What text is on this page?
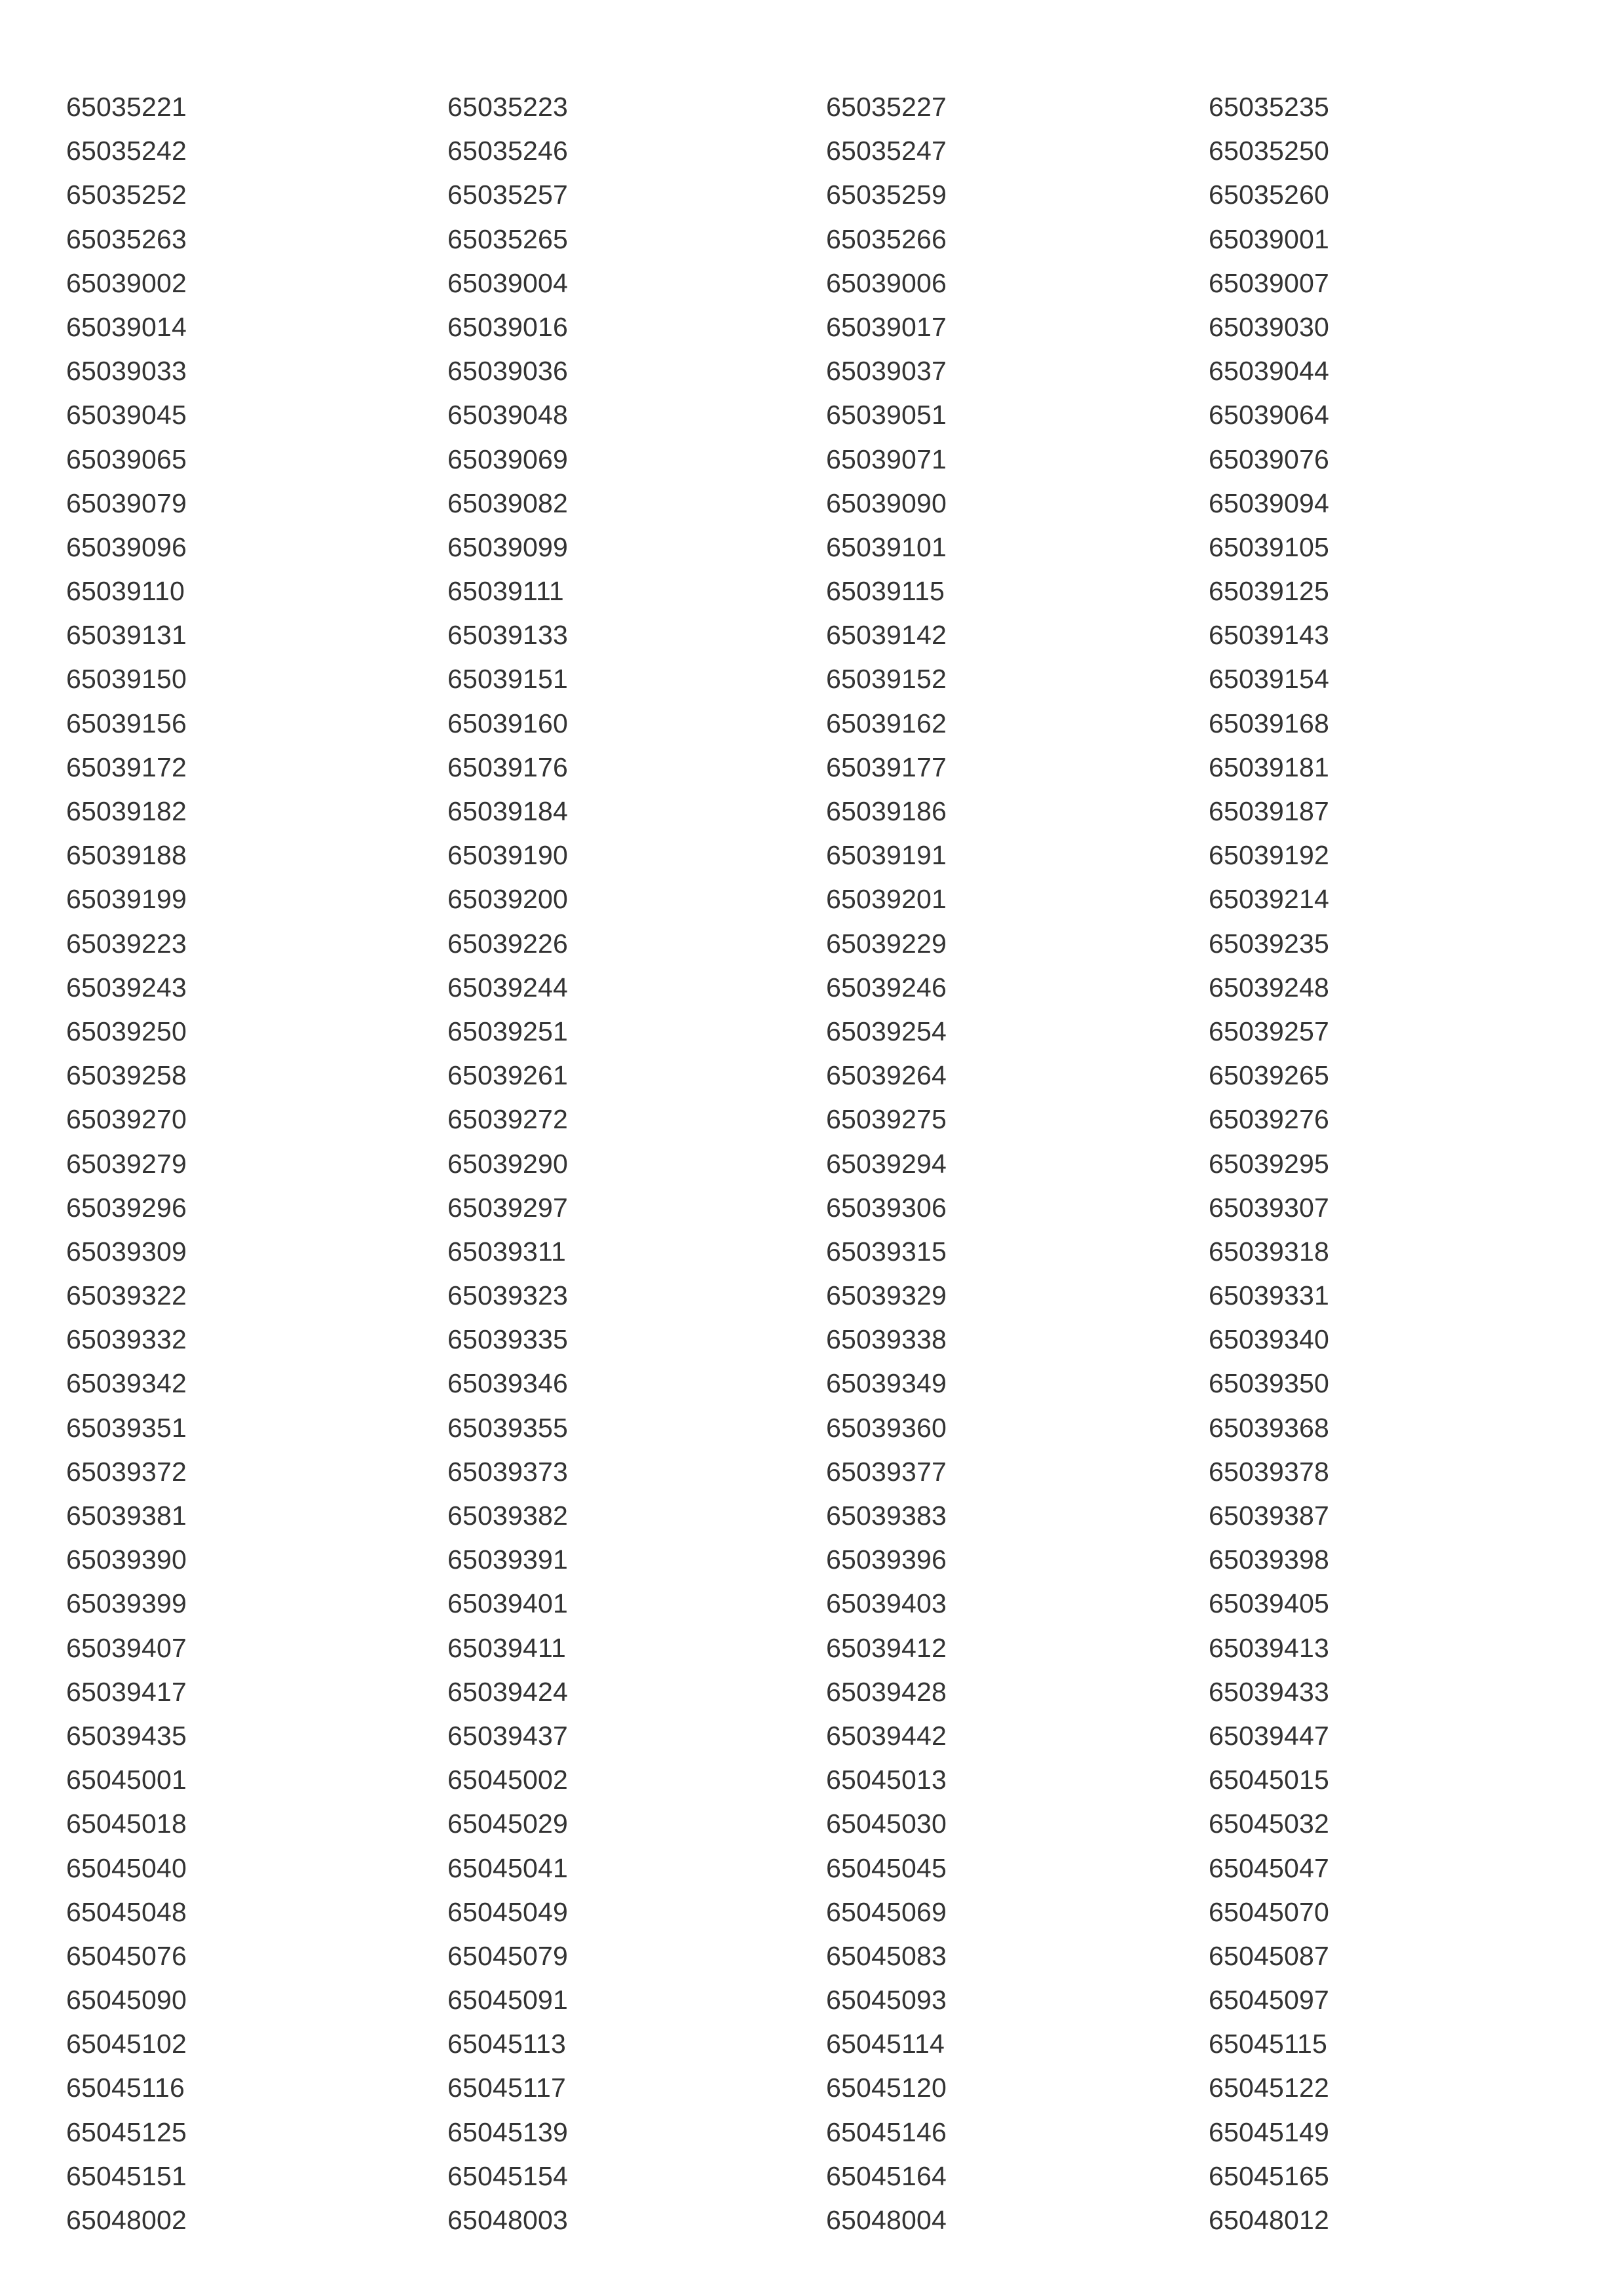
65035221	65035223	65035227	65035235
65035242	65035246	65035247	65035250
65035252	65035257	65035259	65035260
65035263	65035265	65035266	65039001
65039002	65039004	65039006	65039007
65039014	65039016	65039017	65039030
65039033	65039036	65039037	65039044
65039045	65039048	65039051	65039064
65039065	65039069	65039071	65039076
65039079	65039082	65039090	65039094
65039096	65039099	65039101	65039105
65039110	65039111	65039115	65039125
65039131	65039133	65039142	65039143
65039150	65039151	65039152	65039154
65039156	65039160	65039162	65039168
65039172	65039176	65039177	65039181
65039182	65039184	65039186	65039187
65039188	65039190	65039191	65039192
65039199	65039200	65039201	65039214
65039223	65039226	65039229	65039235
65039243	65039244	65039246	65039248
65039250	65039251	65039254	65039257
65039258	65039261	65039264	65039265
65039270	65039272	65039275	65039276
65039279	65039290	65039294	65039295
65039296	65039297	65039306	65039307
65039309	65039311	65039315	65039318
65039322	65039323	65039329	65039331
65039332	65039335	65039338	65039340
65039342	65039346	65039349	65039350
65039351	65039355	65039360	65039368
65039372	65039373	65039377	65039378
65039381	65039382	65039383	65039387
65039390	65039391	65039396	65039398
65039399	65039401	65039403	65039405
65039407	65039411	65039412	65039413
65039417	65039424	65039428	65039433
65039435	65039437	65039442	65039447
65045001	65045002	65045013	65045015
65045018	65045029	65045030	65045032
65045040	65045041	65045045	65045047
65045048	65045049	65045069	65045070
65045076	65045079	65045083	65045087
65045090	65045091	65045093	65045097
65045102	65045113	65045114	65045115
65045116	65045117	65045120	65045122
65045125	65045139	65045146	65045149
65045151	65045154	65045164	65045165
65048002	65048003	65048004	65048012
